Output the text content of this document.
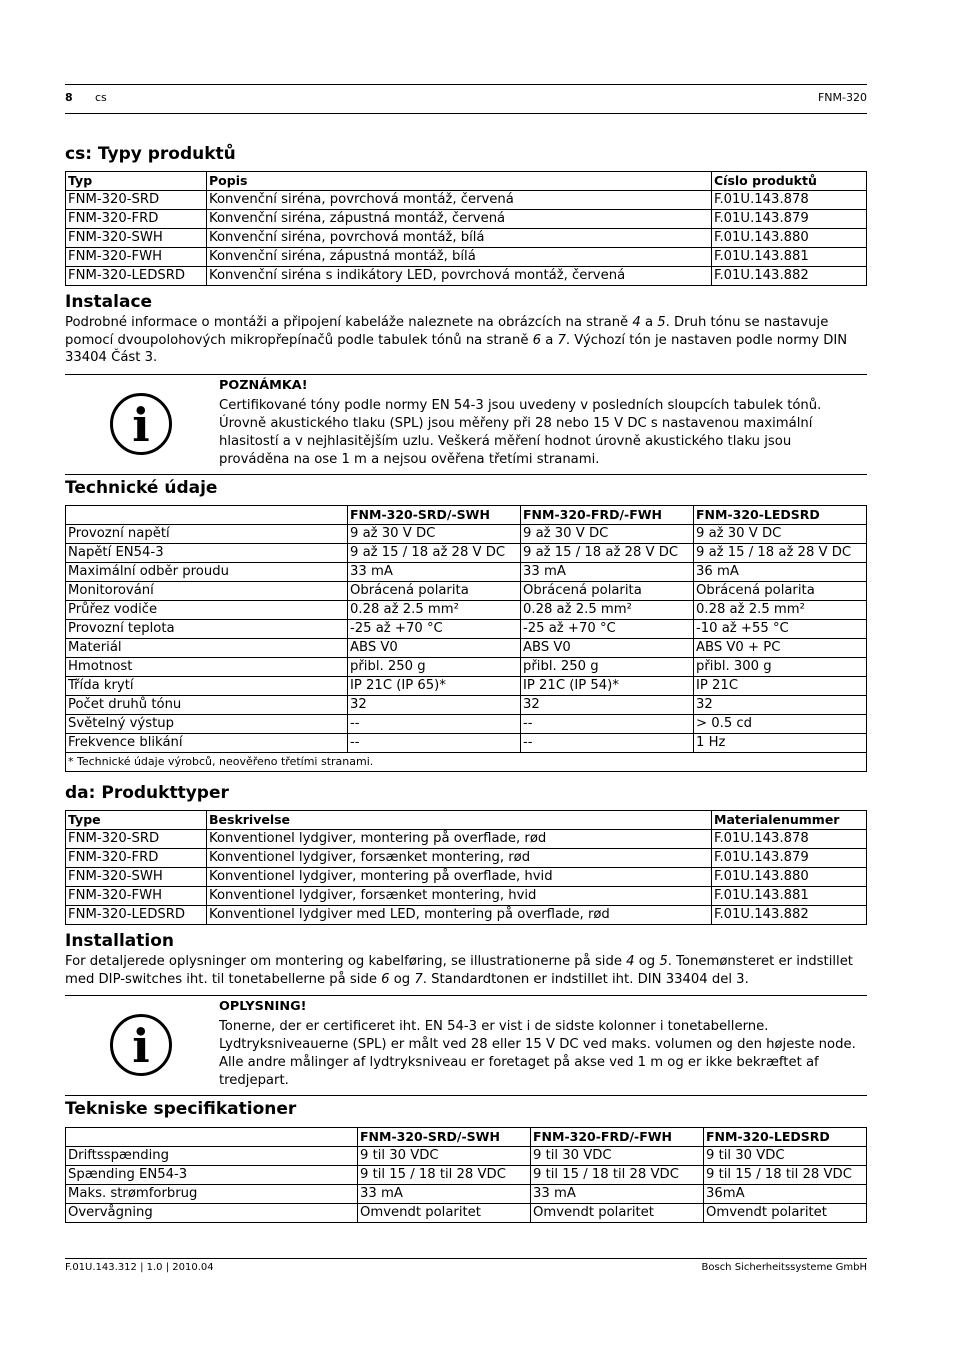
8 cs	FNM-320
cs: Typy produktů
Typ	Popis	Císlo produktů
FNM-320-SRD	Konvenční siréna, povrchová montáž, červená	F.01U.143.878
FNM-320-FRD	Konvenční siréna, zápustná montáž, červená	F.01U.143.879
FNM-320-SWH	Konvenční siréna, povrchová montáž, bílá	F.01U.143.880
FNM-320-FWH	Konvenční siréna, zápustná montáž, bílá	F.01U.143.881
FNM-320-LEDSRD	Konvenční siréna s indikátory LED, povrchová montáž, červená	F.01U.143.882
Instalace

Podrobné informace o montáži a připojení kabeláže naleznete na obrázcích na straně 4 a 5. Druh tónu se nastavuje pomocí dvoupolohových mikropřepínačů podle tabulek tónů na straně 6 a 7. Výchozí tón je nastaven podle normy DIN 33404 Část 3.

i
POZNÁMKA!
Certifikované tóny podle normy EN 54-3 jsou uvedeny v posledních sloupcích tabulek tónů. Úrovně akustického tlaku (SPL) jsou měřeny při 28 nebo 15 V DC s nastavenou maximální hlasitostí a v nejhlasitějším uzlu. Veškerá měření hodnot úrovně akustického tlaku jsou prováděna na ose 1 m a nejsou ověřena třetími stranami.
Technické údaje
	FNM-320-SRD/-SWH	FNM-320-FRD/-FWH	FNM-320-LEDSRD
Provozní napětí	9 až 30 V DC	9 až 30 V DC	9 až 30 V DC
Napětí EN54-3	9 až 15 / 18 až 28 V DC	9 až 15 / 18 až 28 V DC	9 až 15 / 18 až 28 V DC
Maximální odběr proudu	33 mA	33 mA	36 mA
Monitorování	Obrácená polarita	Obrácená polarita	Obrácená polarita
Průřez vodiče	0.28 až 2.5 mm²	0.28 až 2.5 mm²	0.28 až 2.5 mm²
Provozní teplota	-25 až +70 °C	-25 až +70 °C	-10 až +55 °C
Materiál	ABS V0	ABS V0	ABS V0 + PC
Hmotnost	přibl. 250 g	přibl. 250 g	přibl. 300 g
Třída krytí	IP 21C (IP 65)*	IP 21C (IP 54)*	IP 21C
Počet druhů tónu	32	32	32
Světelný výstup	--	--	> 0.5 cd
Frekvence blikání	--	--	1 Hz
* Technické údaje výrobců, neověřeno třetími stranami.			
da: Produkttyper
Type	Beskrivelse	Materialenummer
FNM-320-SRD	Konventionel lydgiver, montering på overflade, rød	F.01U.143.878
FNM-320-FRD	Konventionel lydgiver, forsænket montering, rød	F.01U.143.879
FNM-320-SWH	Konventionel lydgiver, montering på overflade, hvid	F.01U.143.880
FNM-320-FWH	Konventionel lydgiver, forsænket montering, hvid	F.01U.143.881
FNM-320-LEDSRD	Konventionel lydgiver med LED, montering på overflade, rød	F.01U.143.882
Installation

For detaljerede oplysninger om montering og kabelføring, se illustrationerne på side 4 og 5. Tonemønsteret er indstillet med DIP-switches iht. til tonetabellerne på side 6 og 7. Standardtonen er indstillet iht. DIN 33404 del 3.

i
OPLYSNING!
Tonerne, der er certificeret iht. EN 54-3 er vist i de sidste kolonner i tonetabellerne. Lydtryksniveauerne (SPL) er målt ved 28 eller 15 V DC ved maks. volumen og den højeste node. Alle andre målinger af lydtryksniveau er foretaget på akse ved 1 m og er ikke bekræftet af tredjepart.
Tekniske specifikationer
	FNM-320-SRD/-SWH	FNM-320-FRD/-FWH	FNM-320-LEDSRD
Driftsspænding	9 til 30 VDC	9 til 30 VDC	9 til 30 VDC
Spænding EN54-3	9 til 15 / 18 til 28 VDC	9 til 15 / 18 til 28 VDC	9 til 15 / 18 til 28 VDC
Maks. strømforbrug	33 mA	33 mA	36mA
Overvågning	Omvendt polaritet	Omvendt polaritet	Omvendt polaritet
F.01U.143.312 | 1.0 | 2010.04	Bosch Sicherheitssysteme GmbH
